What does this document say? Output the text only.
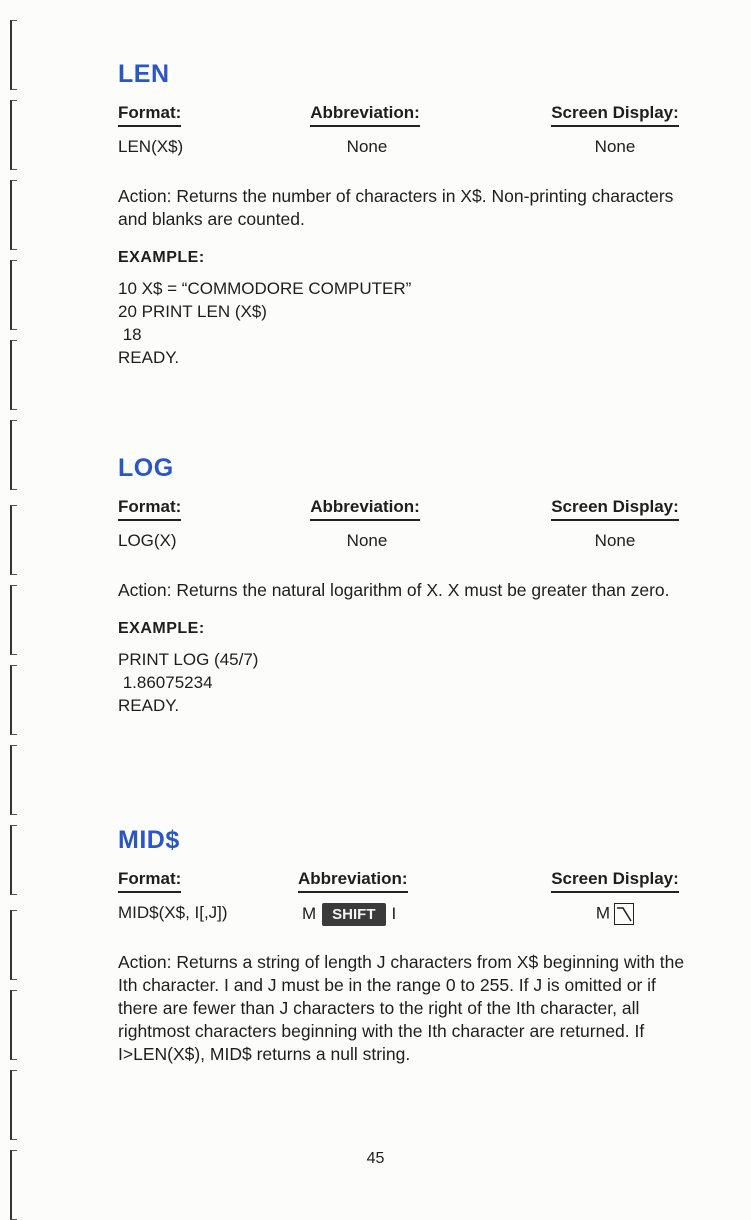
LEN
Format:
LEN(X$)
Abbreviation:
None
Screen Display:
None

Action: Returns the number of characters in X$. Non-printing characters and blanks are counted.

EXAMPLE:
10 X$ = “COMMODORE COMPUTER”
20 PRINT LEN (X$)
18
READY.
LOG
Format:
LOG(X)
Abbreviation:
None
Screen Display:
None

Action: Returns the natural logarithm of X. X must be greater than zero.

EXAMPLE:
PRINT LOG (45/7)
1.86075234
READY.
MID$
Format:
MID$(X$, I[,J])
Abbreviation:
M SHIFT I
Screen Display:
M

Action: Returns a string of length J characters from X$ beginning with the Ith character. I and J must be in the range 0 to 255. If J is omitted or if there are fewer than J characters to the right of the Ith character, all rightmost characters beginning with the Ith character are returned. If I>LEN(X$), MID$ returns a null string.

45
